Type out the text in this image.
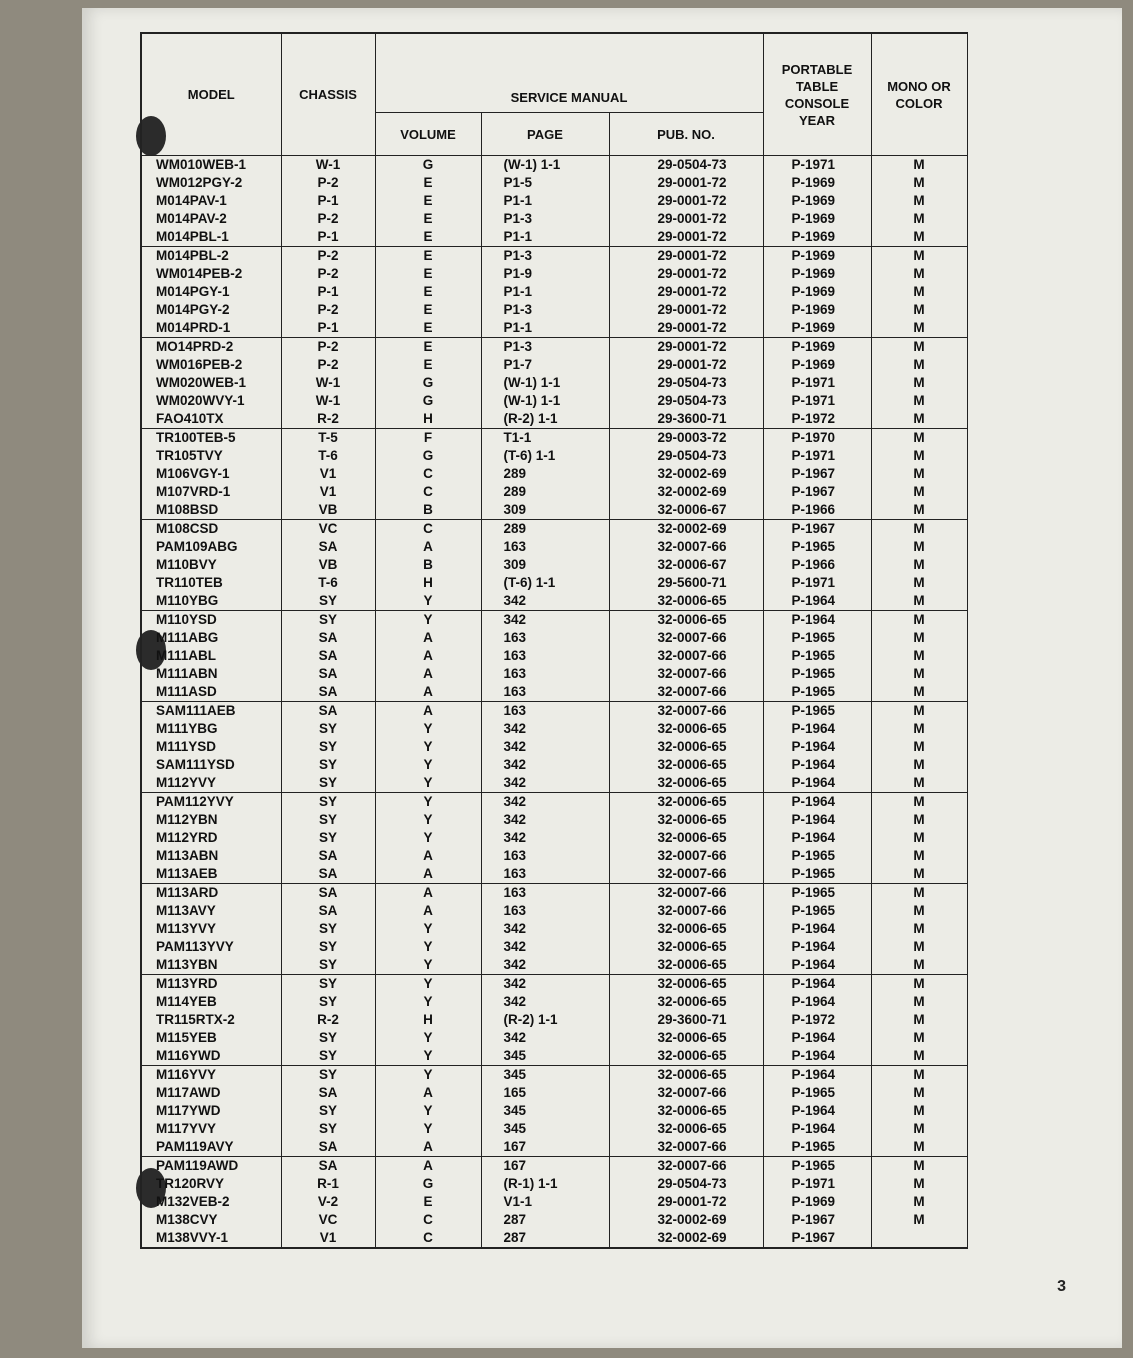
3
MODEL	CHASSIS	SERVICE MANUAL			PORTABLE TABLE CONSOLE YEAR	MONO OR COLOR
		VOLUME	PAGE	PUB. NO.		
WM010WEB-1	W-1	G	(W-1) 1-1	29-0504-73	P-1971	M
WM012PGY-2	P-2	E	P1-5	29-0001-72	P-1969	M
M014PAV-1	P-1	E	P1-1	29-0001-72	P-1969	M
M014PAV-2	P-2	E	P1-3	29-0001-72	P-1969	M
M014PBL-1	P-1	E	P1-1	29-0001-72	P-1969	M
M014PBL-2	P-2	E	P1-3	29-0001-72	P-1969	M
WM014PEB-2	P-2	E	P1-9	29-0001-72	P-1969	M
M014PGY-1	P-1	E	P1-1	29-0001-72	P-1969	M
M014PGY-2	P-2	E	P1-3	29-0001-72	P-1969	M
M014PRD-1	P-1	E	P1-1	29-0001-72	P-1969	M
MO14PRD-2	P-2	E	P1-3	29-0001-72	P-1969	M
WM016PEB-2	P-2	E	P1-7	29-0001-72	P-1969	M
WM020WEB-1	W-1	G	(W-1) 1-1	29-0504-73	P-1971	M
WM020WVY-1	W-1	G	(W-1) 1-1	29-0504-73	P-1971	M
FAO410TX	R-2	H	(R-2) 1-1	29-3600-71	P-1972	M
TR100TEB-5	T-5	F	T1-1	29-0003-72	P-1970	M
TR105TVY	T-6	G	(T-6) 1-1	29-0504-73	P-1971	M
M106VGY-1	V1	C	289	32-0002-69	P-1967	M
M107VRD-1	V1	C	289	32-0002-69	P-1967	M
M108BSD	VB	B	309	32-0006-67	P-1966	M
M108CSD	VC	C	289	32-0002-69	P-1967	M
PAM109ABG	SA	A	163	32-0007-66	P-1965	M
M110BVY	VB	B	309	32-0006-67	P-1966	M
TR110TEB	T-6	H	(T-6) 1-1	29-5600-71	P-1971	M
M110YBG	SY	Y	342	32-0006-65	P-1964	M
M110YSD	SY	Y	342	32-0006-65	P-1964	M
M111ABG	SA	A	163	32-0007-66	P-1965	M
M111ABL	SA	A	163	32-0007-66	P-1965	M
M111ABN	SA	A	163	32-0007-66	P-1965	M
M111ASD	SA	A	163	32-0007-66	P-1965	M
SAM111AEB	SA	A	163	32-0007-66	P-1965	M
M111YBG	SY	Y	342	32-0006-65	P-1964	M
M111YSD	SY	Y	342	32-0006-65	P-1964	M
SAM111YSD	SY	Y	342	32-0006-65	P-1964	M
M112YVY	SY	Y	342	32-0006-65	P-1964	M
PAM112YVY	SY	Y	342	32-0006-65	P-1964	M
M112YBN	SY	Y	342	32-0006-65	P-1964	M
M112YRD	SY	Y	342	32-0006-65	P-1964	M
M113ABN	SA	A	163	32-0007-66	P-1965	M
M113AEB	SA	A	163	32-0007-66	P-1965	M
M113ARD	SA	A	163	32-0007-66	P-1965	M
M113AVY	SA	A	163	32-0007-66	P-1965	M
M113YVY	SY	Y	342	32-0006-65	P-1964	M
PAM113YVY	SY	Y	342	32-0006-65	P-1964	M
M113YBN	SY	Y	342	32-0006-65	P-1964	M
M113YRD	SY	Y	342	32-0006-65	P-1964	M
M114YEB	SY	Y	342	32-0006-65	P-1964	M
TR115RTX-2	R-2	H	(R-2) 1-1	29-3600-71	P-1972	M
M115YEB	SY	Y	342	32-0006-65	P-1964	M
M116YWD	SY	Y	345	32-0006-65	P-1964	M
M116YVY	SY	Y	345	32-0006-65	P-1964	M
M117AWD	SA	A	165	32-0007-66	P-1965	M
M117YWD	SY	Y	345	32-0006-65	P-1964	M
M117YVY	SY	Y	345	32-0006-65	P-1964	M
PAM119AVY	SA	A	167	32-0007-66	P-1965	M
PAM119AWD	SA	A	167	32-0007-66	P-1965	M
TR120RVY	R-1	G	(R-1) 1-1	29-0504-73	P-1971	M
M132VEB-2	V-2	E	V1-1	29-0001-72	P-1969	M
M138CVY	VC	C	287	32-0002-69	P-1967	M
M138VVY-1	V1	C	287	32-0002-69	P-1967	
